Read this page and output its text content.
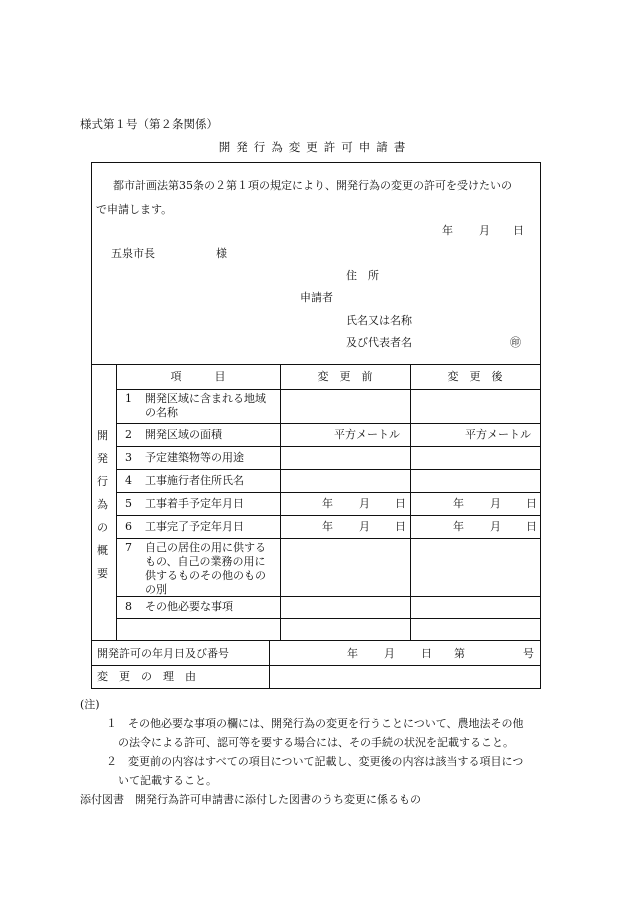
様式第１号（第２条関係）
開発行為変更許可申請書
都市計画法第35条の２第１項の規定により、開発行為の変更の許可を受けたいの
で申請します。
年 月 日
五泉市長	様
住　所
申請者
氏名又は名称
及び代表者名	㊞
開
発
行
為
の
概
要
項　　　目	変　更　前	変　更　後
1 開発区域に含まれる地域
の名称
2 開発区域の面積	平方メートル	平方メートル
3 予定建築物等の用途
4 工事施行者住所氏名
5 工事着手予定年月日	年 月 日	年 月 日
6 工事完了予定年月日	年 月 日	年 月 日
7 自己の居住の用に供する
もの、自己の業務の用に
供するものその他のもの
の別
8 その他必要な事項
開発許可の年月日及び番号	年 月 日 第	号
変　更　の　理　由
(注)
１　その他必要な事項の欄には、開発行為の変更を行うことについて、農地法その他
の法令による許可、認可等を要する場合には、その手続の状況を記載すること。
２　変更前の内容はすべての項目について記載し、変更後の内容は該当する項目につ
いて記載すること。
添付図書　開発行為許可申請書に添付した図書のうち変更に係るもの
